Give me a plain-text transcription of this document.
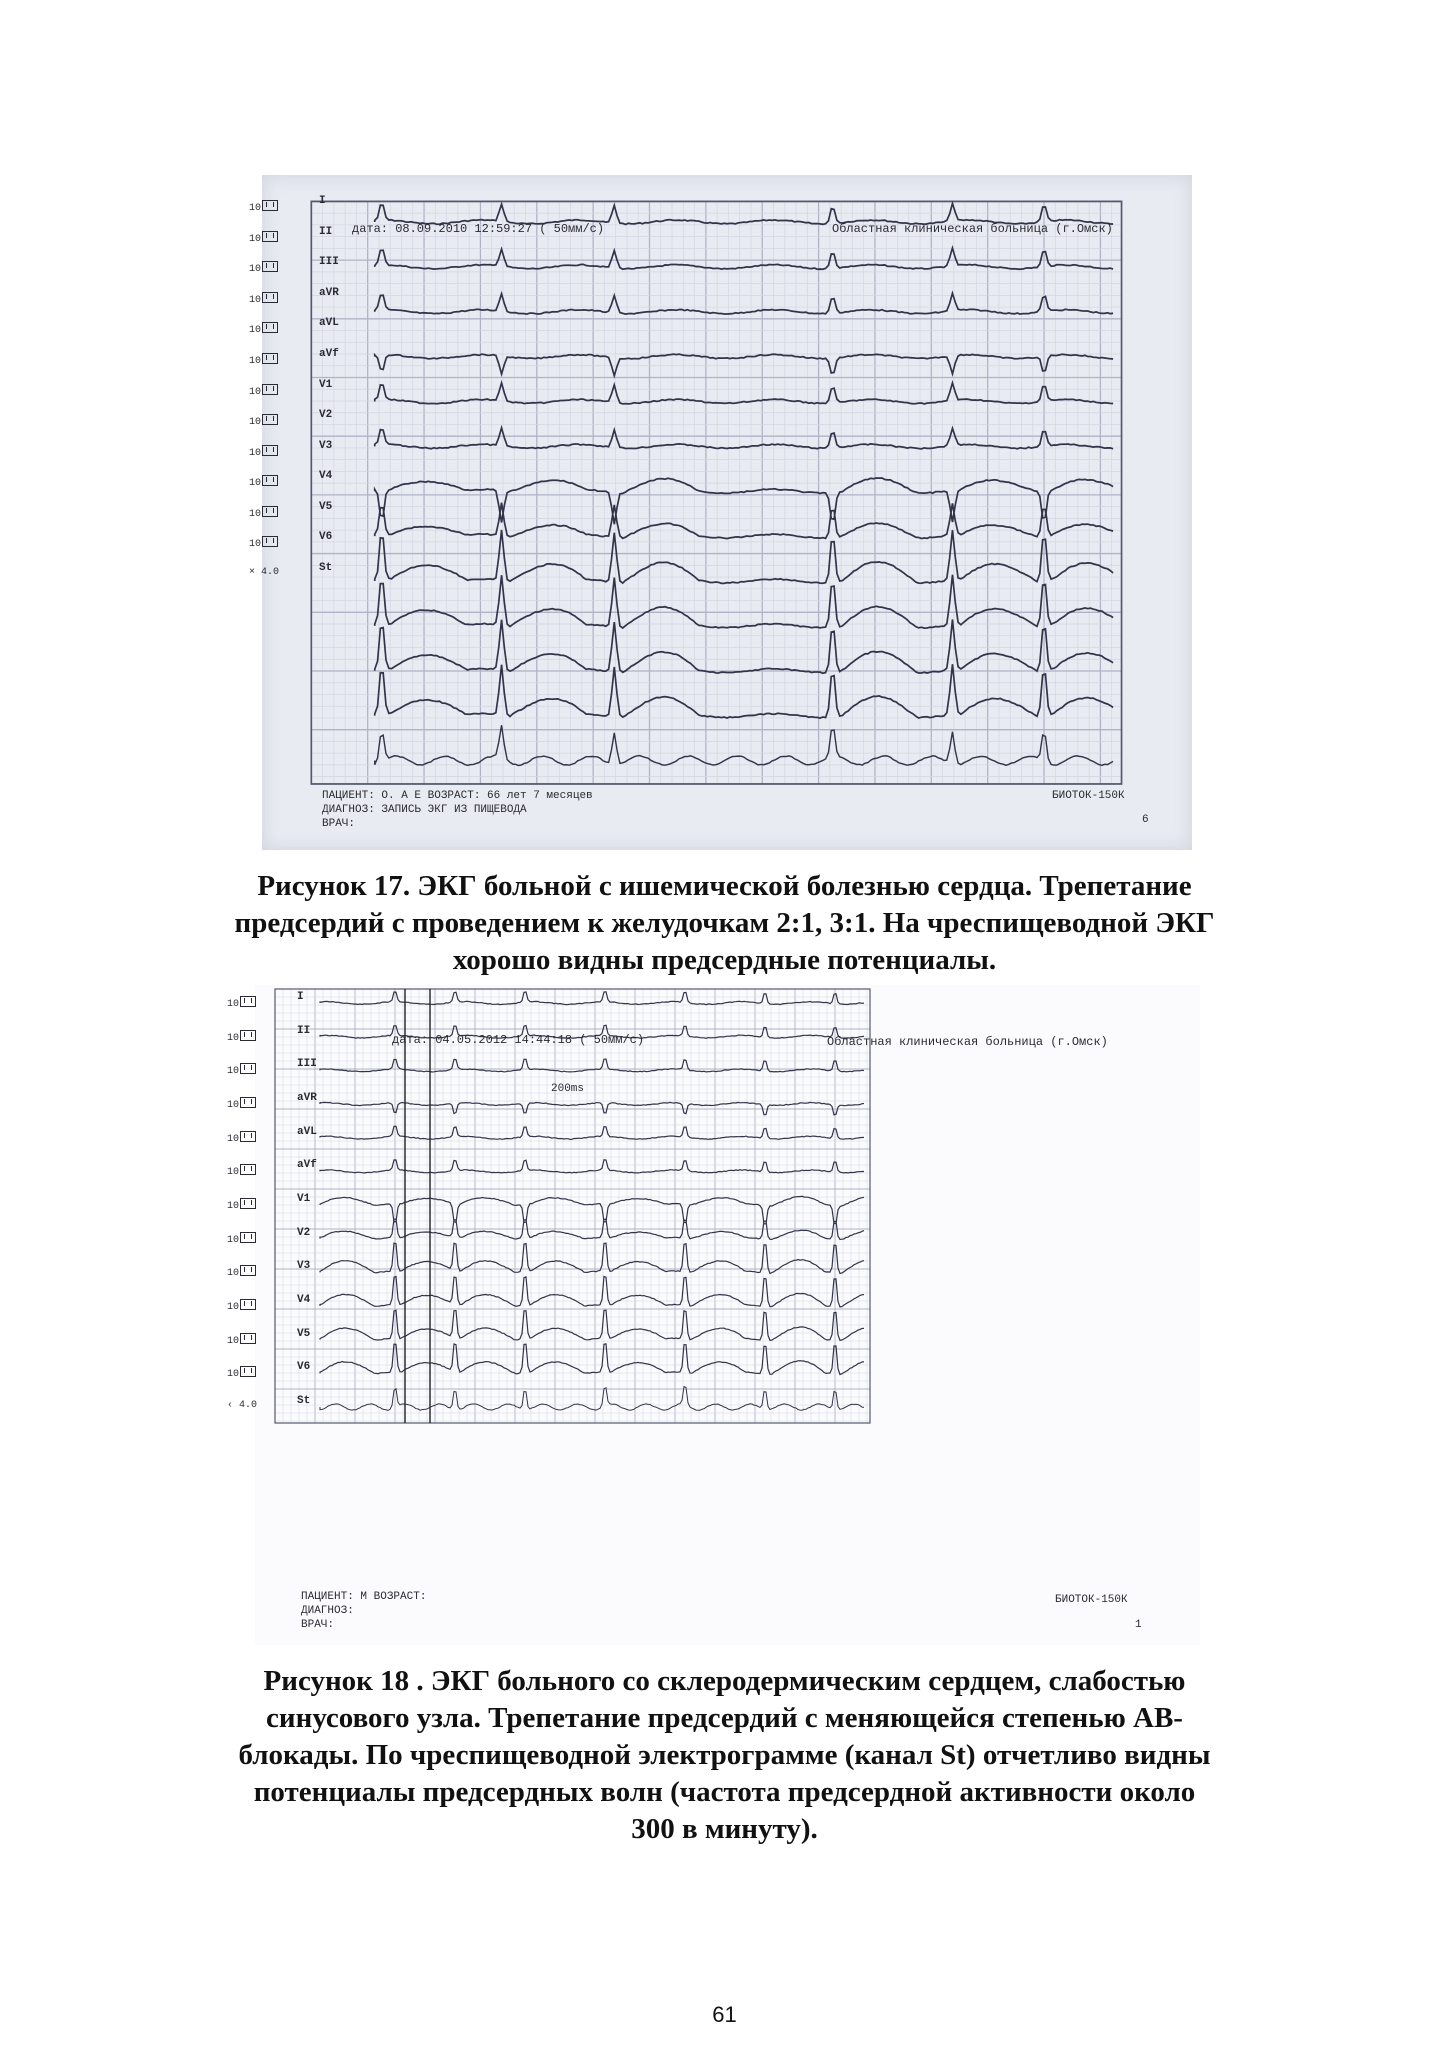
дата: 08.09.2010 12:59:27 ( 50мм/с)	Областная клиническая больница (г.Омск)
ПАЦИЕНТ: О. А Е ВОЗРАСТ: 66 лет 7 месяцев
ДИАГНОЗ: ЗАПИСЬ ЭКГ ИЗ ПИЩЕВОДА
ВРАЧ:
БИОТОК-150К
6
10
I
10
II
10
III
10
aVR
10
aVL
10
aVf
10
V1
10
V2
10
V3
10
V4
10
V5
10
V6
× 4.0	St
Рисунок 17. ЭКГ больной с ишемической болезнью сердца. Трепетание
предсердий с проведением к желудочкам 2:1, 3:1. На чреспищеводной ЭКГ
хорошо видны предсердные потенциалы.
дата: 04.05.2012 14:44:18 ( 50мм/с)	Областная клиническая больница (г.Омск)
200ms
ПАЦИЕНТ: М ВОЗРАСТ:
ДИАГНОЗ:
ВРАЧ:
БИОТОК-150К
1
10
I
10
II
10
III
10
aVR
10
aVL
10
aVf
10
V1
10
V2
10
V3
10
V4
10
V5
10
V6
‹ 4.0	St
Рисунок 18 . ЭКГ больного со склеродермическим сердцем, слабостью
синусового узла. Трепетание предсердий с меняющейся степенью АВ-
блокады. По чреспищеводной электрограмме (канал St) отчетливо видны
потенциалы предсердных волн (частота предсердной активности около
300 в минуту).
61
